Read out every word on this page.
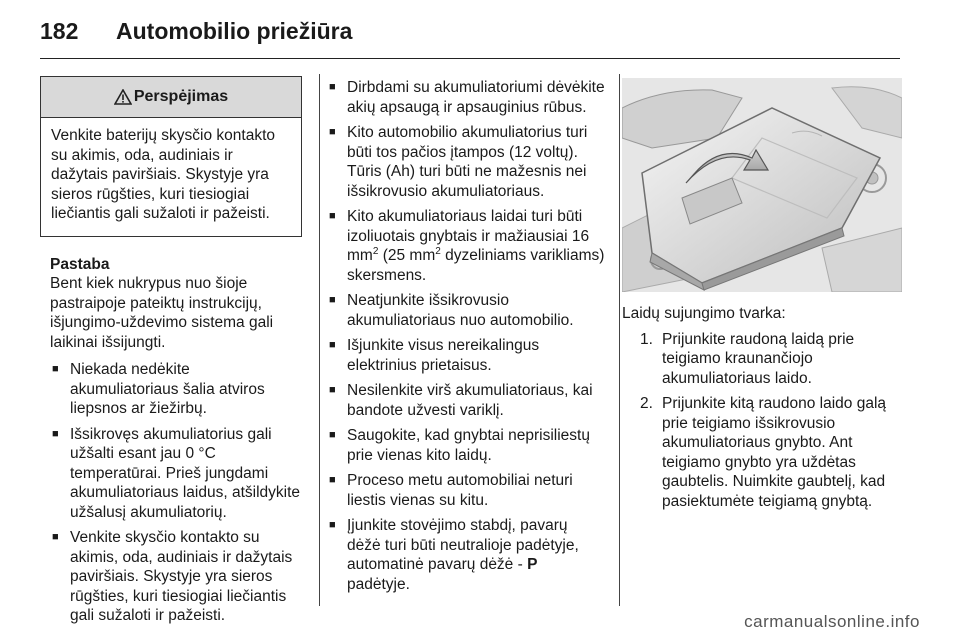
182 Automobilio priežiūra
Perspėjimas
Venkite baterijų skysčio kontakto su akimis, oda, audiniais ir dažytais paviršiais. Skystyje yra sieros rūgšties, kuri tiesiogiai liečiantis gali sužaloti ir pažeisti.
Pastaba
Bent kiek nukrypus nuo šioje pastraipoje pateiktų instrukcijų, išjungimo-uždevimo sistema gali laikinai išsijungti.
■ Niekada nedėkite akumuliatoriaus šalia atviros liepsnos ar žiežirbų.
■ Išsikrovęs akumuliatorius gali užšalti esant jau 0 °C temperatūrai. Prieš jungdami akumuliatoriaus laidus, atšildykite užšalusį akumuliatorių.
■ Venkite skysčio kontakto su akimis, oda, audiniais ir dažytais paviršiais. Skystyje yra sieros rūgšties, kuri tiesiogiai liečiantis gali sužaloti ir pažeisti.
■ Dirbdami su akumuliatoriumi dėvėkite akių apsaugą ir apsauginius rūbus.
■ Kito automobilio akumuliatorius turi būti tos pačios įtampos (12 voltų). Tūris (Ah) turi būti ne mažesnis nei išsikrovusio akumuliatoriaus.
■ Kito akumuliatoriaus laidai turi būti izoliuotais gnybtais ir mažiausiai 16 $mm^2$ (25 $mm^2$ dyzeliniams varikliams) skersmens.
■ Neatjunkite išsikrovusio akumuliatoriaus nuo automobilio.
■ Išjunkite visus nereikalingus elektrinius prietaisus.
■ Nesilenkite virš akumuliatoriaus, kai bandote užvesti variklį.
■ Saugokite, kad gnybtai neprisiliestų prie vienas kito laidų.
■ Proceso metu automobiliai neturi liestis vienas su kitu.
■ Įjunkite stovėjimo stabdį, pavarų dėžė turi būti neutralioje padėtyje, automatinė pavarų dėžė - P
padėtyje.
Laidų sujungimo tvarka:
1. Prijunkite raudoną laidą prie teigiamo kraunančiojo akumuliatoriaus laido.
2. Prijunkite kitą raudono laido galą prie teigiamo išsikrovusio akumuliatoriaus gnybto. Ant teigiamo gnybto yra uždėtas gaubtelis. Nuimkite gaubtelį, kad pasiektumėte teigiamą gnybtą.
carmanualsonline.info
